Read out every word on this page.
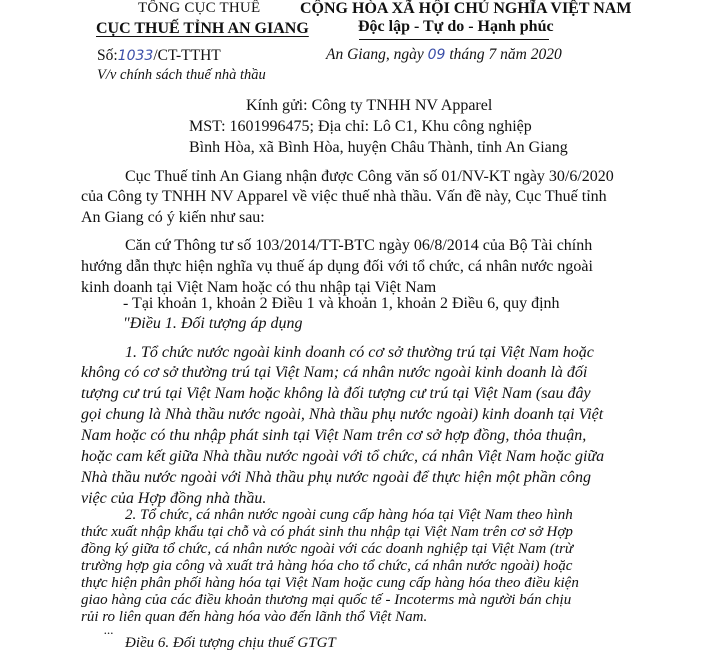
TỔNG CỤC THUẾ
CỤC THUẾ TỈNH AN GIANG
Số:1033/CT-TTHT
V/v chính sách thuế nhà thầu
CỘNG HÒA XÃ HỘI CHỦ NGHĨA VIỆT NAM
Độc lập - Tự do - Hạnh phúc
An Giang, ngày 09 tháng 7 năm 2020
Kính gửi: Công ty TNHH NV Apparel
MST: 1601996475; Địa chỉ: Lô C1, Khu công nghiệp
Bình Hòa, xã Bình Hòa, huyện Châu Thành, tỉnh An Giang
Cục Thuế tỉnh An Giang nhận được Công văn số 01/NV-KT ngày 30/6/2020
của Công ty TNHH NV Apparel về việc thuế nhà thầu. Vấn đề này, Cục Thuế tỉnh
An Giang có ý kiến như sau:
Căn cứ Thông tư số 103/2014/TT-BTC ngày 06/8/2014 của Bộ Tài chính
hướng dẫn thực hiện nghĩa vụ thuế áp dụng đối với tổ chức, cá nhân nước ngoài
kinh doanh tại Việt Nam hoặc có thu nhập tại Việt Nam
- Tại khoản 1, khoản 2 Điều 1 và khoản 1, khoản 2 Điều 6, quy định
"Điều 1. Đối tượng áp dụng
1. Tổ chức nước ngoài kinh doanh có cơ sở thường trú tại Việt Nam hoặc
không có cơ sở thường trú tại Việt Nam; cá nhân nước ngoài kinh doanh là đối
tượng cư trú tại Việt Nam hoặc không là đối tượng cư trú tại Việt Nam (sau đây
gọi chung là Nhà thầu nước ngoài, Nhà thầu phụ nước ngoài) kinh doanh tại Việt
Nam hoặc có thu nhập phát sinh tại Việt Nam trên cơ sở hợp đồng, thỏa thuận,
hoặc cam kết giữa Nhà thầu nước ngoài với tổ chức, cá nhân Việt Nam hoặc giữa
Nhà thầu nước ngoài với Nhà thầu phụ nước ngoài để thực hiện một phần công
việc của Hợp đồng nhà thầu.
2. Tổ chức, cá nhân nước ngoài cung cấp hàng hóa tại Việt Nam theo hình
thức xuất nhập khẩu tại chỗ và có phát sinh thu nhập tại Việt Nam trên cơ sở Hợp
đồng ký giữa tổ chức, cá nhân nước ngoài với các doanh nghiệp tại Việt Nam (trừ
trường hợp gia công và xuất trả hàng hóa cho tổ chức, cá nhân nước ngoài) hoặc
thực hiện phân phối hàng hóa tại Việt Nam hoặc cung cấp hàng hóa theo điều kiện
giao hàng của các điều khoản thương mại quốc tế - Incoterms mà người bán chịu
rủi ro liên quan đến hàng hóa vào đến lãnh thổ Việt Nam.
...
Điều 6. Đối tượng chịu thuế GTGT
